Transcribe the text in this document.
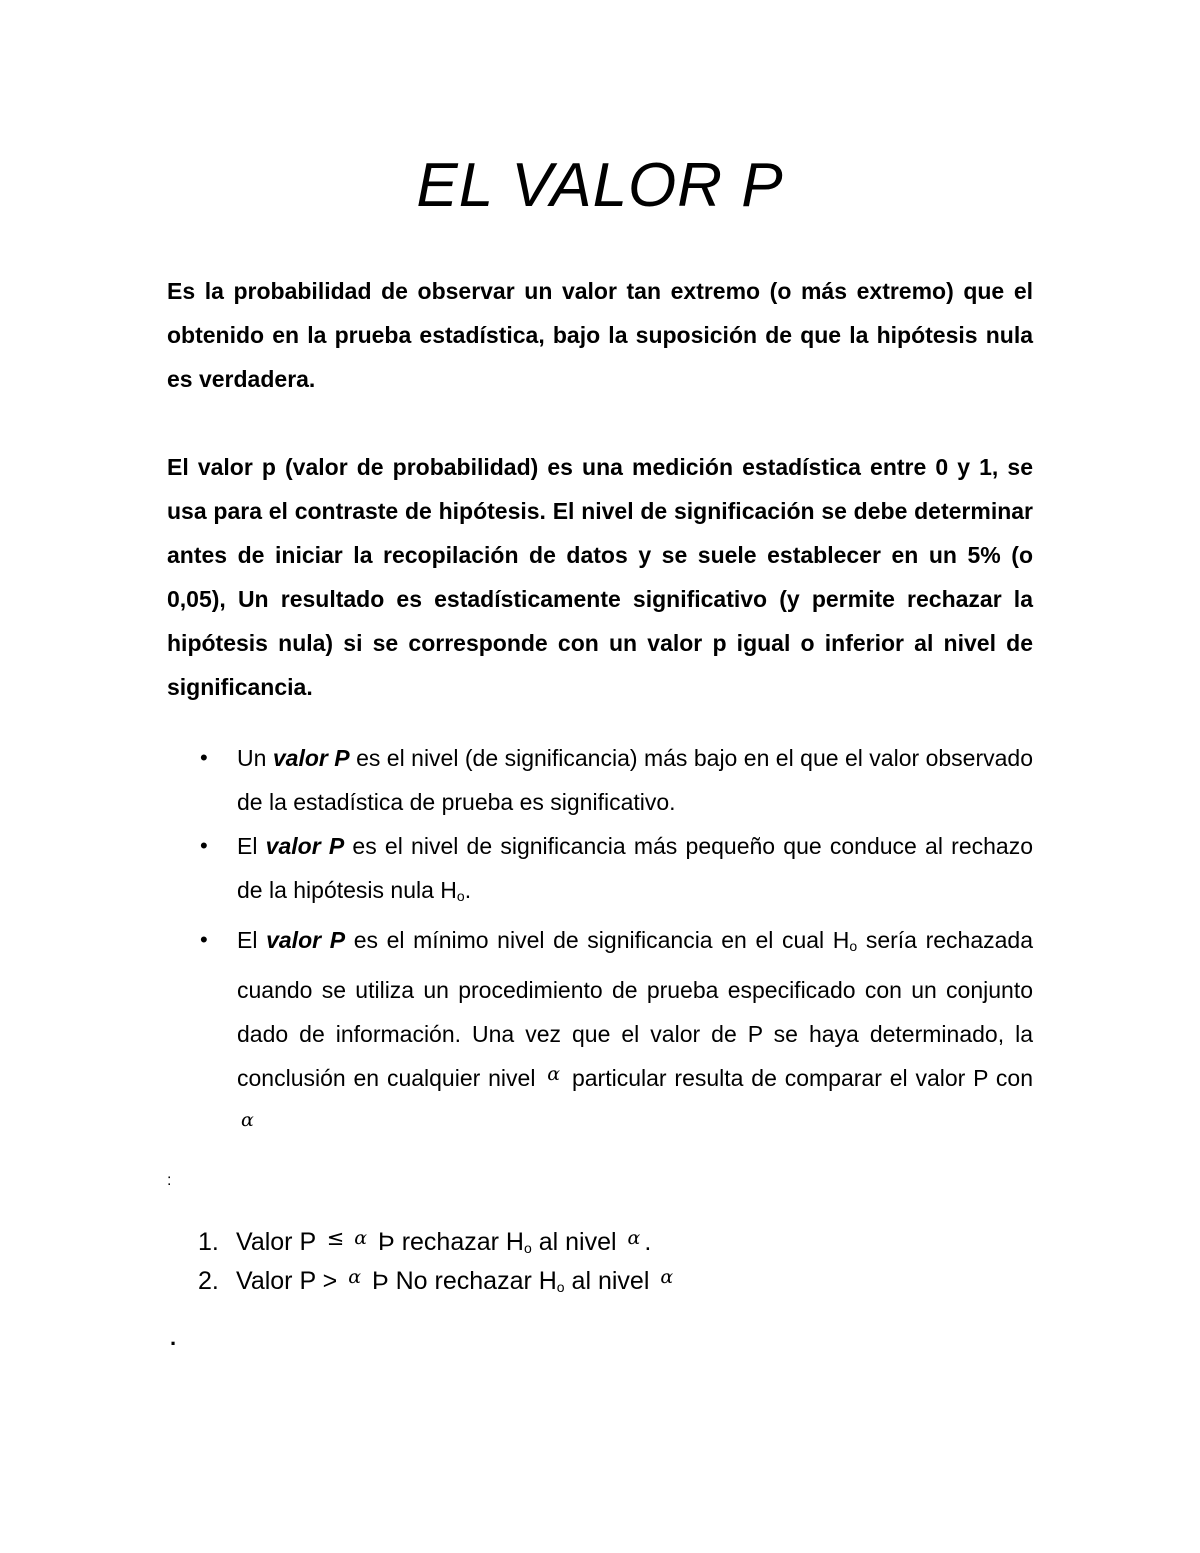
EL VALOR P

Es la probabilidad de observar un valor tan extremo (o más extremo) que el obtenido en la prueba estadística, bajo la suposición de que la hipótesis nula es verdadera.

El valor p (valor de probabilidad) es una medición estadística entre 0 y 1, se usa para el contraste de hipótesis. El nivel de significación se debe determinar antes de iniciar la recopilación de datos y se suele establecer en un 5% (o 0,05), Un resultado es estadísticamente significativo (y permite rechazar la hipótesis nula) si se corresponde con un valor p igual o inferior al nivel de significancia.

• Un valor P es el nivel (de significancia) más bajo en el que el valor observado de la estadística de prueba es significativo.
• El valor P es el nivel de significancia más pequeño que conduce al rechazo de la hipótesis nula $H_o$.
• El valor P es el mínimo nivel de significancia en el cual $H_o$ sería rechazada cuando se utiliza un procedimiento de prueba especificado con un conjunto dado de información. Una vez que el valor de P se haya determinado, la conclusión en cualquier nivel α particular resulta de comparar el valor P con α
:
1. Valor P ≤ α Þ rechazar $H_o$ al nivel α .
2. Valor P > α Þ No rechazar $H_o$ al nivel α
.
